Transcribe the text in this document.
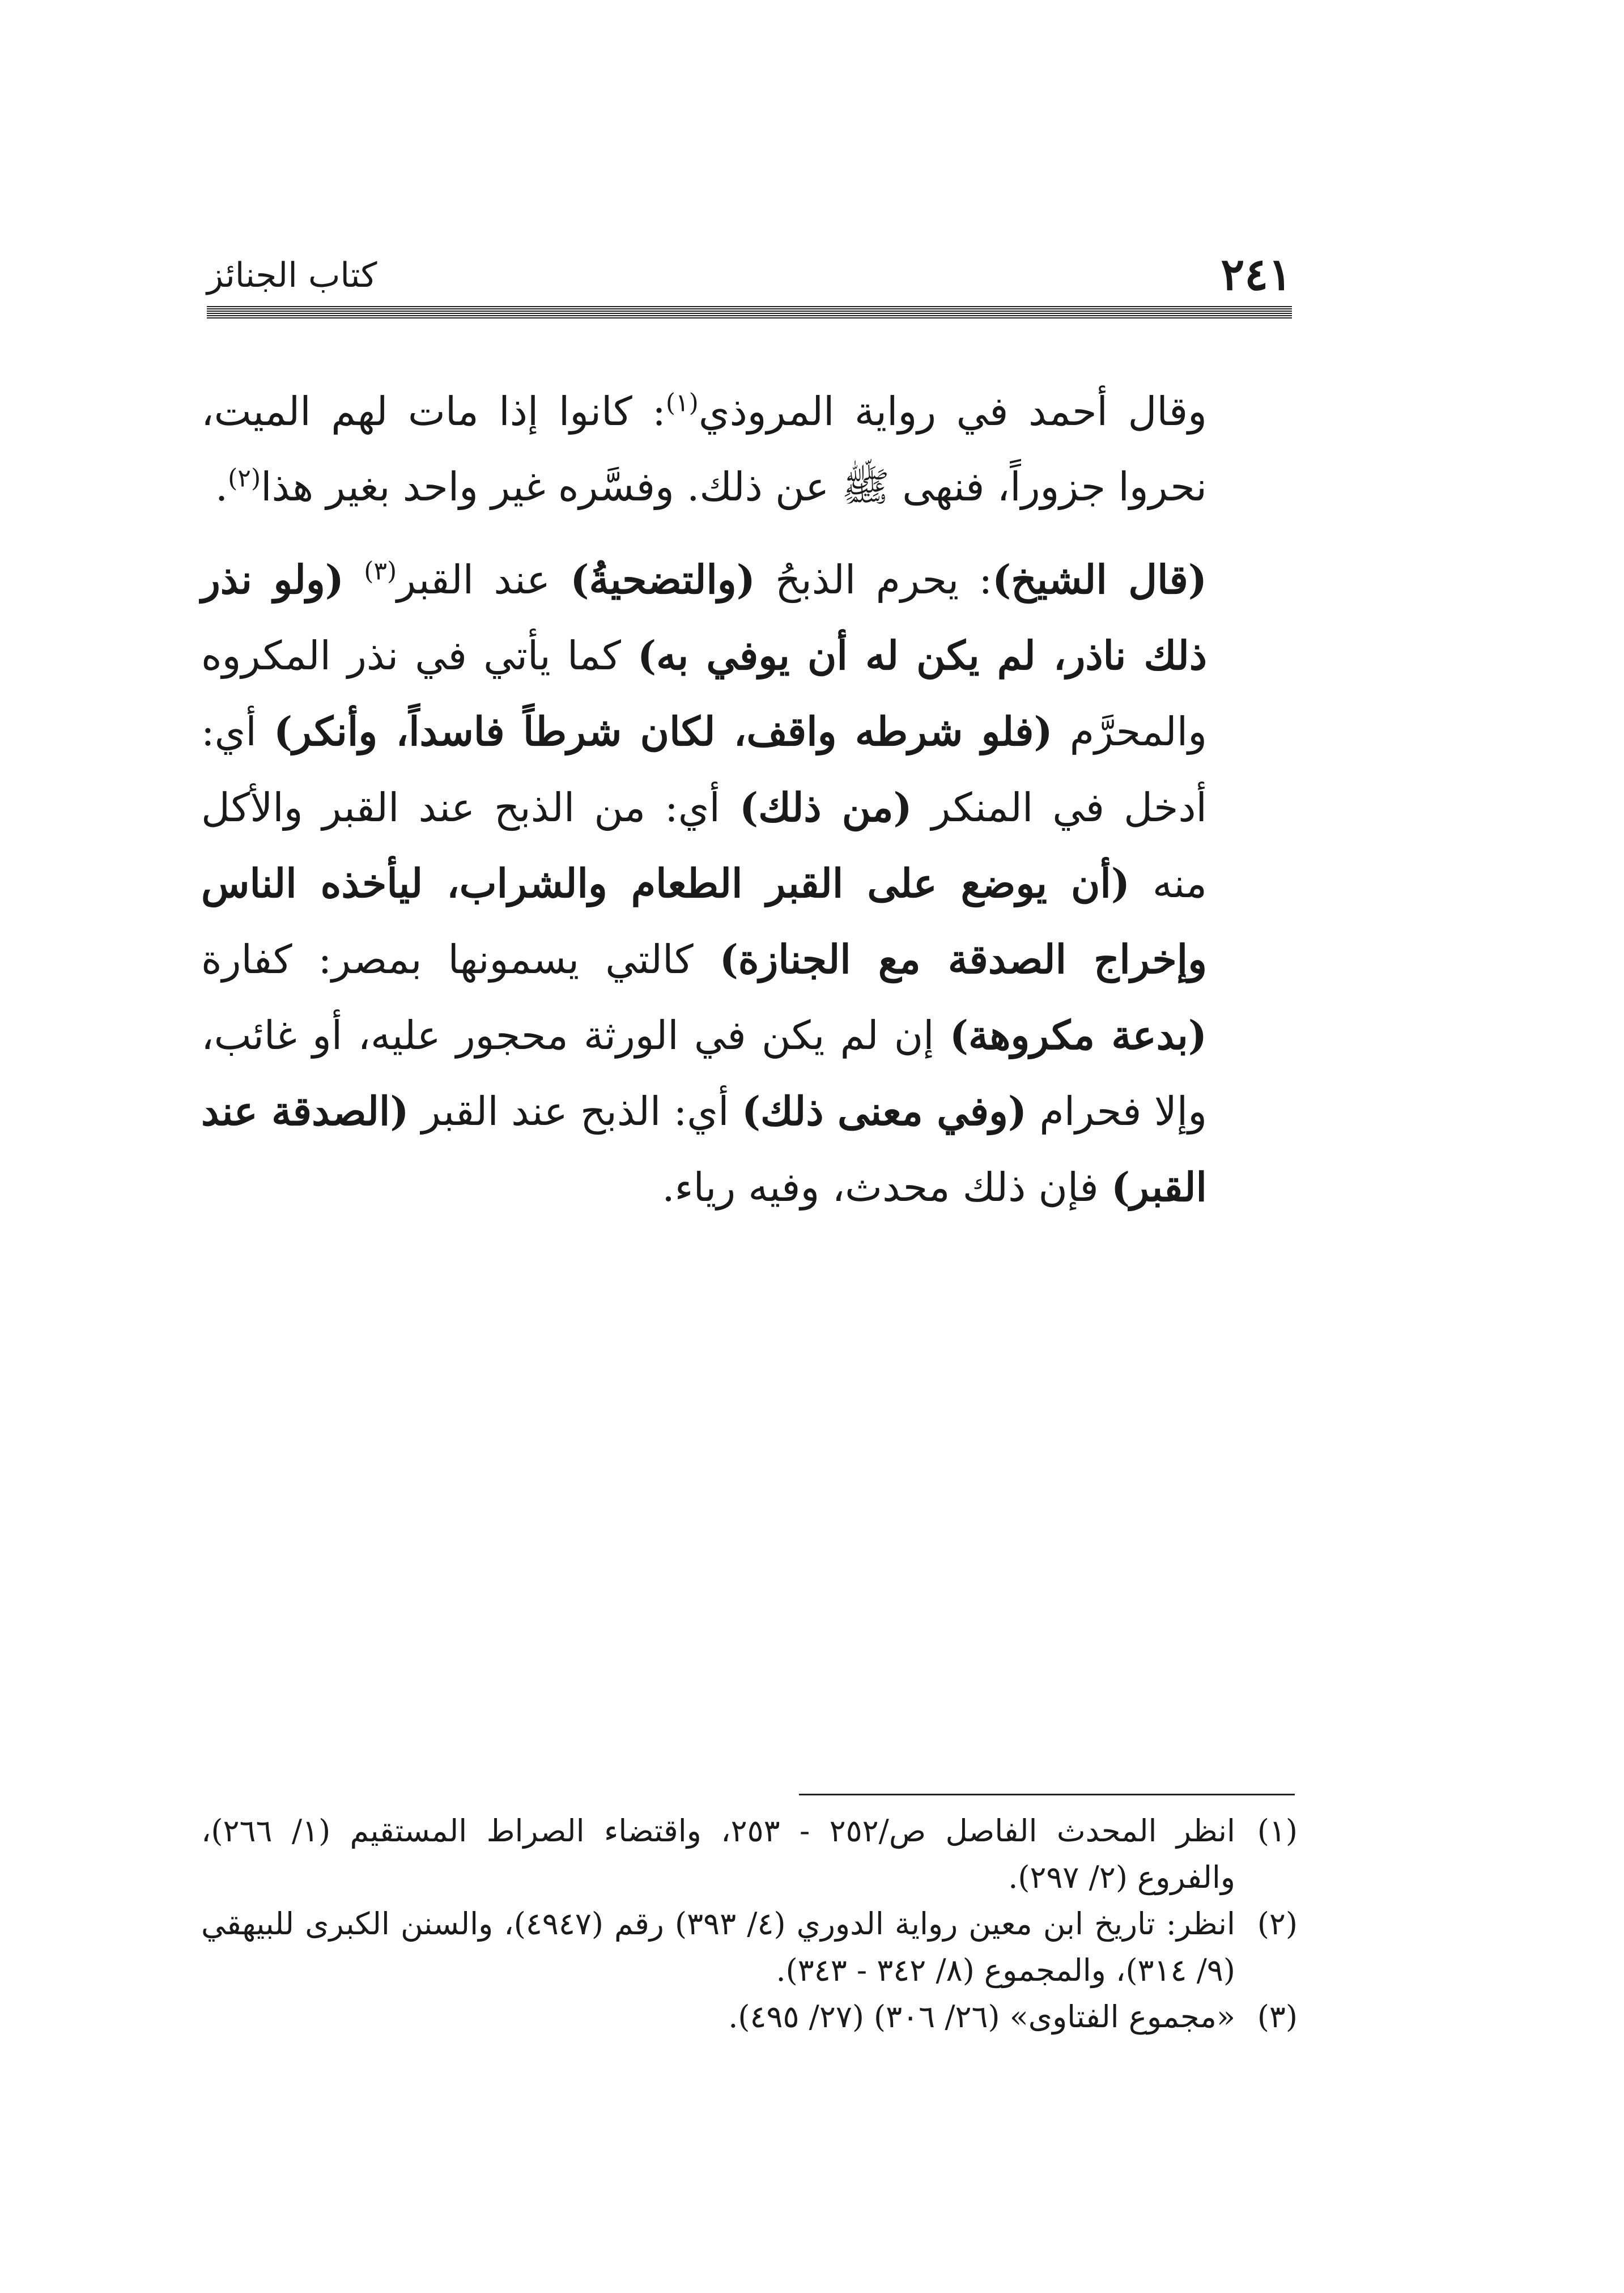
٢٤١
كتاب الجنائز

وقال أحمد في رواية المروذي$^{(١)}$: كانوا إذا مات لهم الميت، نحروا جزوراً، فنهى ﷺ عن ذلك. وفسَّره غير واحد بغير هذا$^{(٢)}$.

(قال الشيخ): يحرم الذبحُ (والتضحيةُ) عند القبر$^{(٣)}$ (ولو نذر ذلك ناذر، لم يكن له أن يوفي به) كما يأتي في نذر المكروه والمحرَّم (فلو شرطه واقف، لكان شرطاً فاسداً، وأنكر) أي: أدخل في المنكر (من ذلك) أي: من الذبح عند القبر والأكل منه (أن يوضع على القبر الطعام والشراب، ليأخذه الناس وإخراج الصدقة مع الجنازة) كالتي يسمونها بمصر: كفارة (بدعة مكروهة) إن لم يكن في الورثة محجور عليه، أو غائب، وإلا فحرام (وفي معنى ذلك) أي: الذبح عند القبر (الصدقة عند القبر) فإن ذلك محدث، وفيه رياء.

(١)
انظر المحدث الفاصل ص/٢٥٢ - ٢٥٣، واقتضاء الصراط المستقيم (١/ ٢٦٦)، والفروع (٢/ ٢٩٧).

(٢)
انظر: تاريخ ابن معين رواية الدوري (٤/ ٣٩٣) رقم (٤٩٤٧)، والسنن الكبرى للبيهقي (٩/ ٣١٤)، والمجموع (٨/ ٣٤٢ - ٣٤٣).

(٣)
«مجموع الفتاوى» (٢٦/ ٣٠٦) (٢٧/ ٤٩٥).
